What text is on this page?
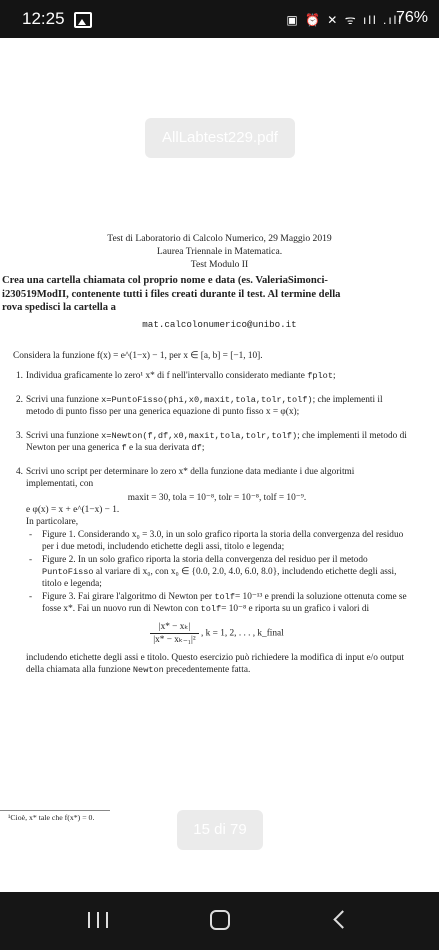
12:25	▣ ⏰ ✕ ᯤ ıll .ıll
76%
AllLabtest229.pdf
Test di Laboratorio di Calcolo Numerico, 29 Maggio 2019
Laurea Triennale in Matematica.
Test Modulo II
Crea una cartella chiamata col proprio nome e data (es. ValeriaSimonci-
i230519ModII, contenente tutti i files creati durante il test. Al termine della
rova spedisci la cartella a
mat.calcolonumerico@unibo.it
Considera la funzione f(x) = e^(1−x) − 1, per x ∈ [a, b] = [−1, 10].
1. Individua graficamente lo zero¹ x* di f nell'intervallo considerato mediante fplot;
2. Scrivi una funzione x=PuntoFisso(phi,x0,maxit,tola,tolr,tolf); che implementi il metodo di punto fisso per una generica equazione di punto fisso x = φ(x);
3. Scrivi una funzione x=Newton(f,df,x0,maxit,tola,tolr,tolf); che implementi il metodo di Newton per una generica f e la sua derivata df;
4. Scrivi uno script per determinare lo zero x* della funzione data mediante i due algoritmi implementati, con
maxit = 30, tola = 10⁻⁸, tolr = 10⁻⁸, tolf = 10⁻⁹.
e φ(x) = x + e^(1−x) − 1.
In particolare,
- Figure 1. Considerando x₀ = 3.0, in un solo grafico riporta la storia della convergenza del residuo per i due metodi, includendo etichette degli assi, titolo e legenda;
- Figure 2. In un solo grafico riporta la storia della convergenza del residuo per il metodo PuntoFisso al variare di x₀, con x₀ ∈ {0.0, 2.0, 4.0, 6.0, 8.0}, includendo etichette degli assi, titolo e legenda;
- Figure 3. Fai girare l'algoritmo di Newton per tolf= 10⁻¹³ e prendi la soluzione ottenuta come se fosse x*. Fai un nuovo run di Newton con tolf= 10⁻⁸ e riporta su un grafico i valori di
$\frac{\text{|x* − xₖ|}}{\text{|x* − xₖ₋₁|²}}$ , k = 1, 2, . . . , k_final
includendo etichette degli assi e titolo. Questo esercizio può richiedere la modifica di input e/o output della chiamata alla funzione Newton precedentemente fatta.
15 di 79
¹Cioè, x* tale che f(x*) = 0.
